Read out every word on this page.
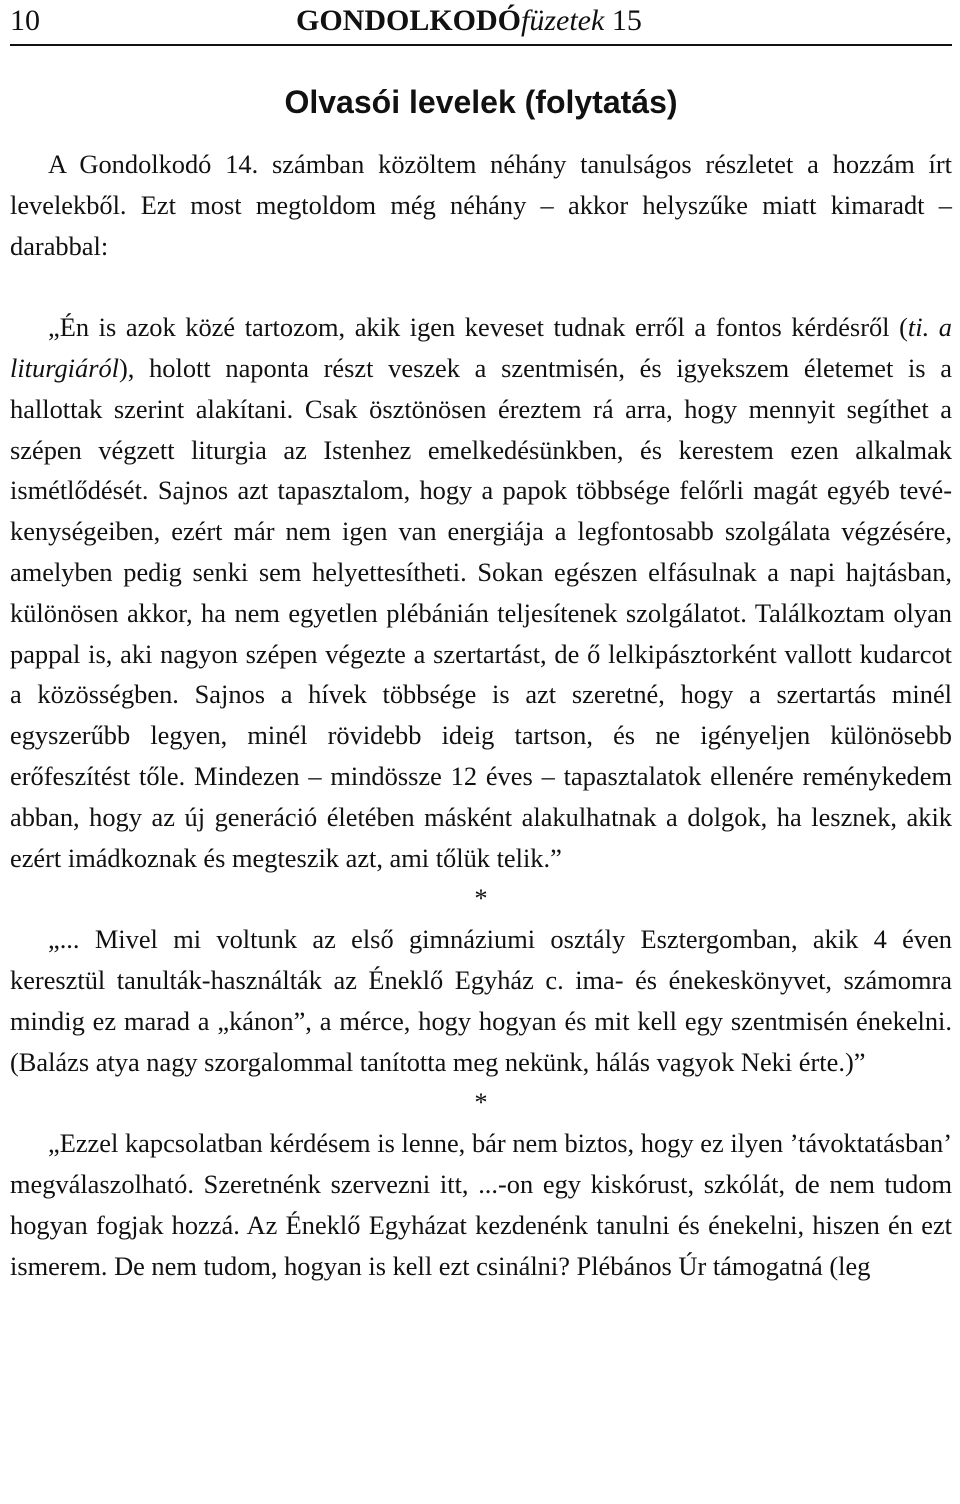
10	GONDOLKODÓfüzetek 15
Olvasói levelek (folytatás)

A Gondolkodó 14. számban közöltem néhány tanulságos részletet a hozzám írt levelekből. Ezt most megtoldom még néhány – akkor helyszűke miatt kimaradt – darabbal:

„Én is azok közé tartozom, akik igen keveset tudnak erről a fontos kérdésről (ti. a liturgiáról), holott naponta részt veszek a szentmisén, és igyekszem életemet is a hallottak szerint alakítani. Csak ösztönösen éreztem rá arra, hogy mennyit segíthet a szépen végzett liturgia az Istenhez emelkedésünkben, és kerestem ezen alkalmak ismétlődését. Sajnos azt tapasztalom, hogy a papok többsége felőrli magát egyéb tevékenységeiben, ezért már nem igen van energiája a legfontosabb szolgálata végzésére, amelyben pedig senki sem helyettesítheti. Sokan egészen elfásulnak a napi hajtásban, különösen akkor, ha nem egyetlen plébánián teljesítenek szolgálatot. Találkoztam olyan pappal is, aki nagyon szépen végezte a szertartást, de ő lelkipásztorként vallott kudarcot a közösségben. Sajnos a hívek többsége is azt szeretné, hogy a szertartás minél egyszerűbb legyen, minél rövidebb ideig tartson, és ne igényeljen különösebb erőfeszítést tőle. Mindezen – mindössze 12 éves – tapasztalatok ellenére reménykedem abban, hogy az új generáció életében másként alakulhatnak a dolgok, ha lesznek, akik ezért imádkoznak és megteszik azt, ami tőlük telik.”

*

„... Mivel mi voltunk az első gimnáziumi osztály Esztergomban, akik 4 éven keresztül tanulták-használták az Éneklő Egyház c. ima- és énekeskönyvet, számomra mindig ez marad a „kánon”, a mérce, hogy hogyan és mit kell egy szentmisén énekelni. (Balázs atya nagy szorgalommal tanította meg nekünk, hálás vagyok Neki érte.)”

*

„Ezzel kapcsolatban kérdésem is lenne, bár nem biztos, hogy ez ilyen ’távoktatásban’ megválaszolható. Szeretnénk szervezni itt, ...-on egy kiskórust, szkólát, de nem tudom hogyan fogjak hozzá. Az Éneklő Egyházat kezdenénk tanulni és énekelni, hiszen én ezt ismerem. De nem tudom, hogyan is kell ezt csinálni? Plébános Úr támogatná (leg
